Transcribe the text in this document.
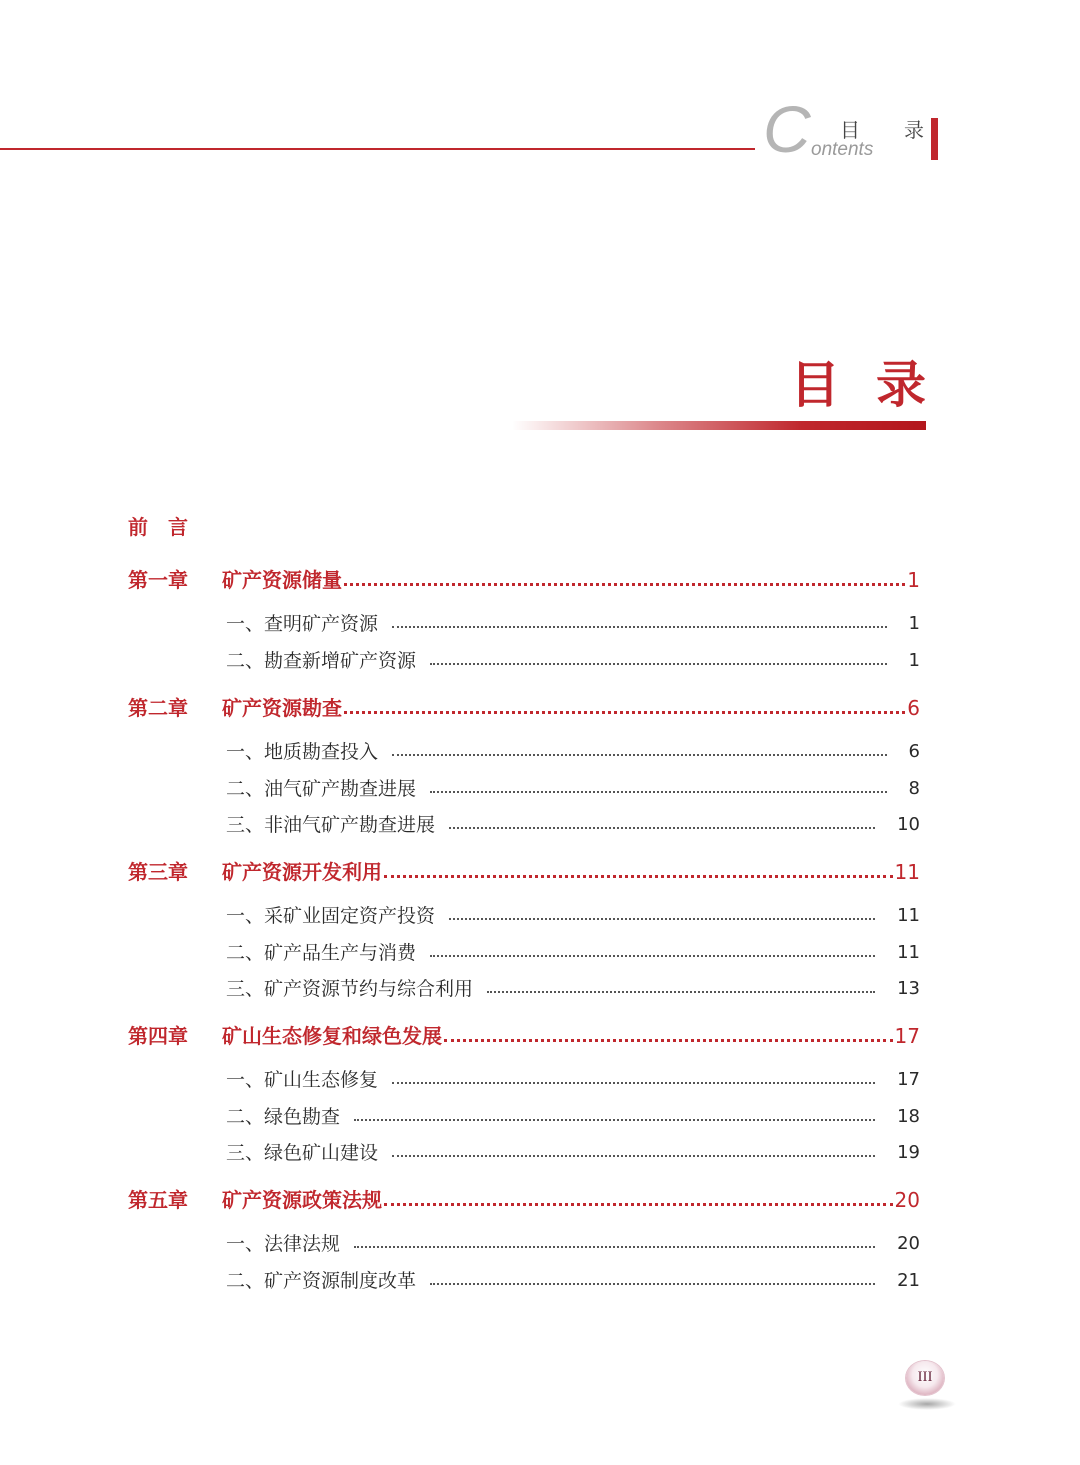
C ontents
目 录
目录
前言
第一章 矿产资源储量	1
一、查明矿产资源	1
二、勘查新增矿产资源	1
第二章 矿产资源勘查	6
一、地质勘查投入	6
二、油气矿产勘查进展	8
三、非油气矿产勘查进展	10
第三章 矿产资源开发利用	11
一、采矿业固定资产投资	11
二、矿产品生产与消费	11
三、矿产资源节约与综合利用	13
第四章 矿山生态修复和绿色发展	17
一、矿山生态修复	17
二、绿色勘查	18
三、绿色矿山建设	19
第五章 矿产资源政策法规	20
一、法律法规	20
二、矿产资源制度改革	21
III
